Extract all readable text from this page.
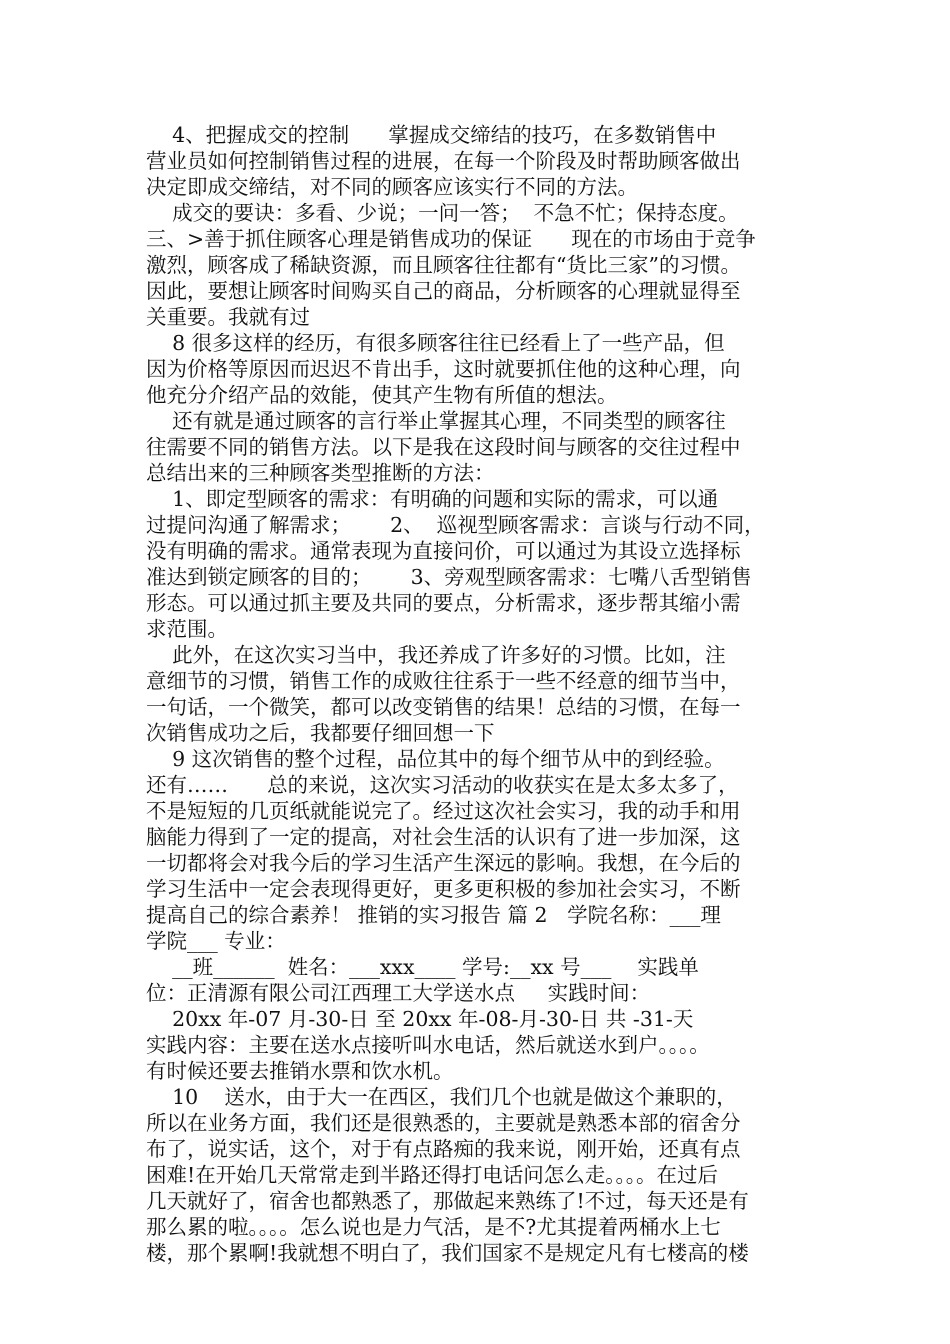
4、把握成交的控制      掌握成交缔结的技巧，在多数销售中
营业员如何控制销售过程的进展，在每一个阶段及时帮助顾客做出
决定即成交缔结，对不同的顾客应该实行不同的方法。
成交的要诀：多看、少说；一问一答；  不急不忙；保持态度。
三、>善于抓住顾客心理是销售成功的保证      现在的市场由于竞争
激烈，顾客成了稀缺资源，而且顾客往往都有“货比三家”的习惯。
因此，要想让顾客时间购买自己的商品，分析顾客的心理就显得至
关重要。我就有过
8 很多这样的经历，有很多顾客往往已经看上了一些产品，但
因为价格等原因而迟迟不肯出手，这时就要抓住他的这种心理，向
他充分介绍产品的效能，使其产生物有所值的想法。
还有就是通过顾客的言行举止掌握其心理，不同类型的顾客往
往需要不同的销售方法。以下是我在这段时间与顾客的交往过程中
总结出来的三种顾客类型推断的方法：
1、即定型顾客的需求：有明确的问题和实际的需求，可以通
过提问沟通了解需求；      2、  巡视型顾客需求：言谈与行动不同，
没有明确的需求。通常表现为直接问价，可以通过为其设立选择标
准达到锁定顾客的目的；      3、旁观型顾客需求：七嘴八舌型销售
形态。可以通过抓主要及共同的要点，分析需求，逐步帮其缩小需
求范围。
此外，在这次实习当中，我还养成了许多好的习惯。比如，注
意细节的习惯，销售工作的成败往往系于一些不经意的细节当中，
一句话，一个微笑，都可以改变销售的结果！总结的习惯，在每一
次销售成功之后，我都要仔细回想一下
9 这次销售的整个过程，品位其中的每个细节从中的到经验。
还有……      总的来说，这次实习活动的收获实在是太多太多了，
不是短短的几页纸就能说完了。经过这次社会实习，我的动手和用
脑能力得到了一定的提高，对社会生活的认识有了进一步加深，这
一切都将会对我今后的学习生活产生深远的影响。我想，在今后的
学习生活中一定会表现得更好，更多更积极的参加社会实习，不断
提高自己的综合素养！ 推销的实习报告 篇 2   学院名称：___理
学院___ 专业：
__班______  姓名：___xxx____ 学号:__xx 号___    实践单
位：正清源有限公司江西理工大学送水点     实践时间：
20xx 年-07 月-30-日 至 20xx 年-08-月-30-日 共 -31-天
实践内容：主要在送水点接听叫水电话，然后就送水到户。。。。
有时候还要去推销水票和饮水机。
10    送水，由于大一在西区，我们几个也就是做这个兼职的，
所以在业务方面，我们还是很熟悉的，主要就是熟悉本部的宿舍分
布了，说实话，这个，对于有点路痴的我来说，刚开始，还真有点
困难!在开始几天常常走到半路还得打电话问怎么走。。。。在过后
几天就好了，宿舍也都熟悉了，那做起来熟练了!不过，每天还是有
那么累的啦。。。。怎么说也是力气活，是不?尤其提着两桶水上七
楼，那个累啊!我就想不明白了，我们国家不是规定凡有七楼高的楼
